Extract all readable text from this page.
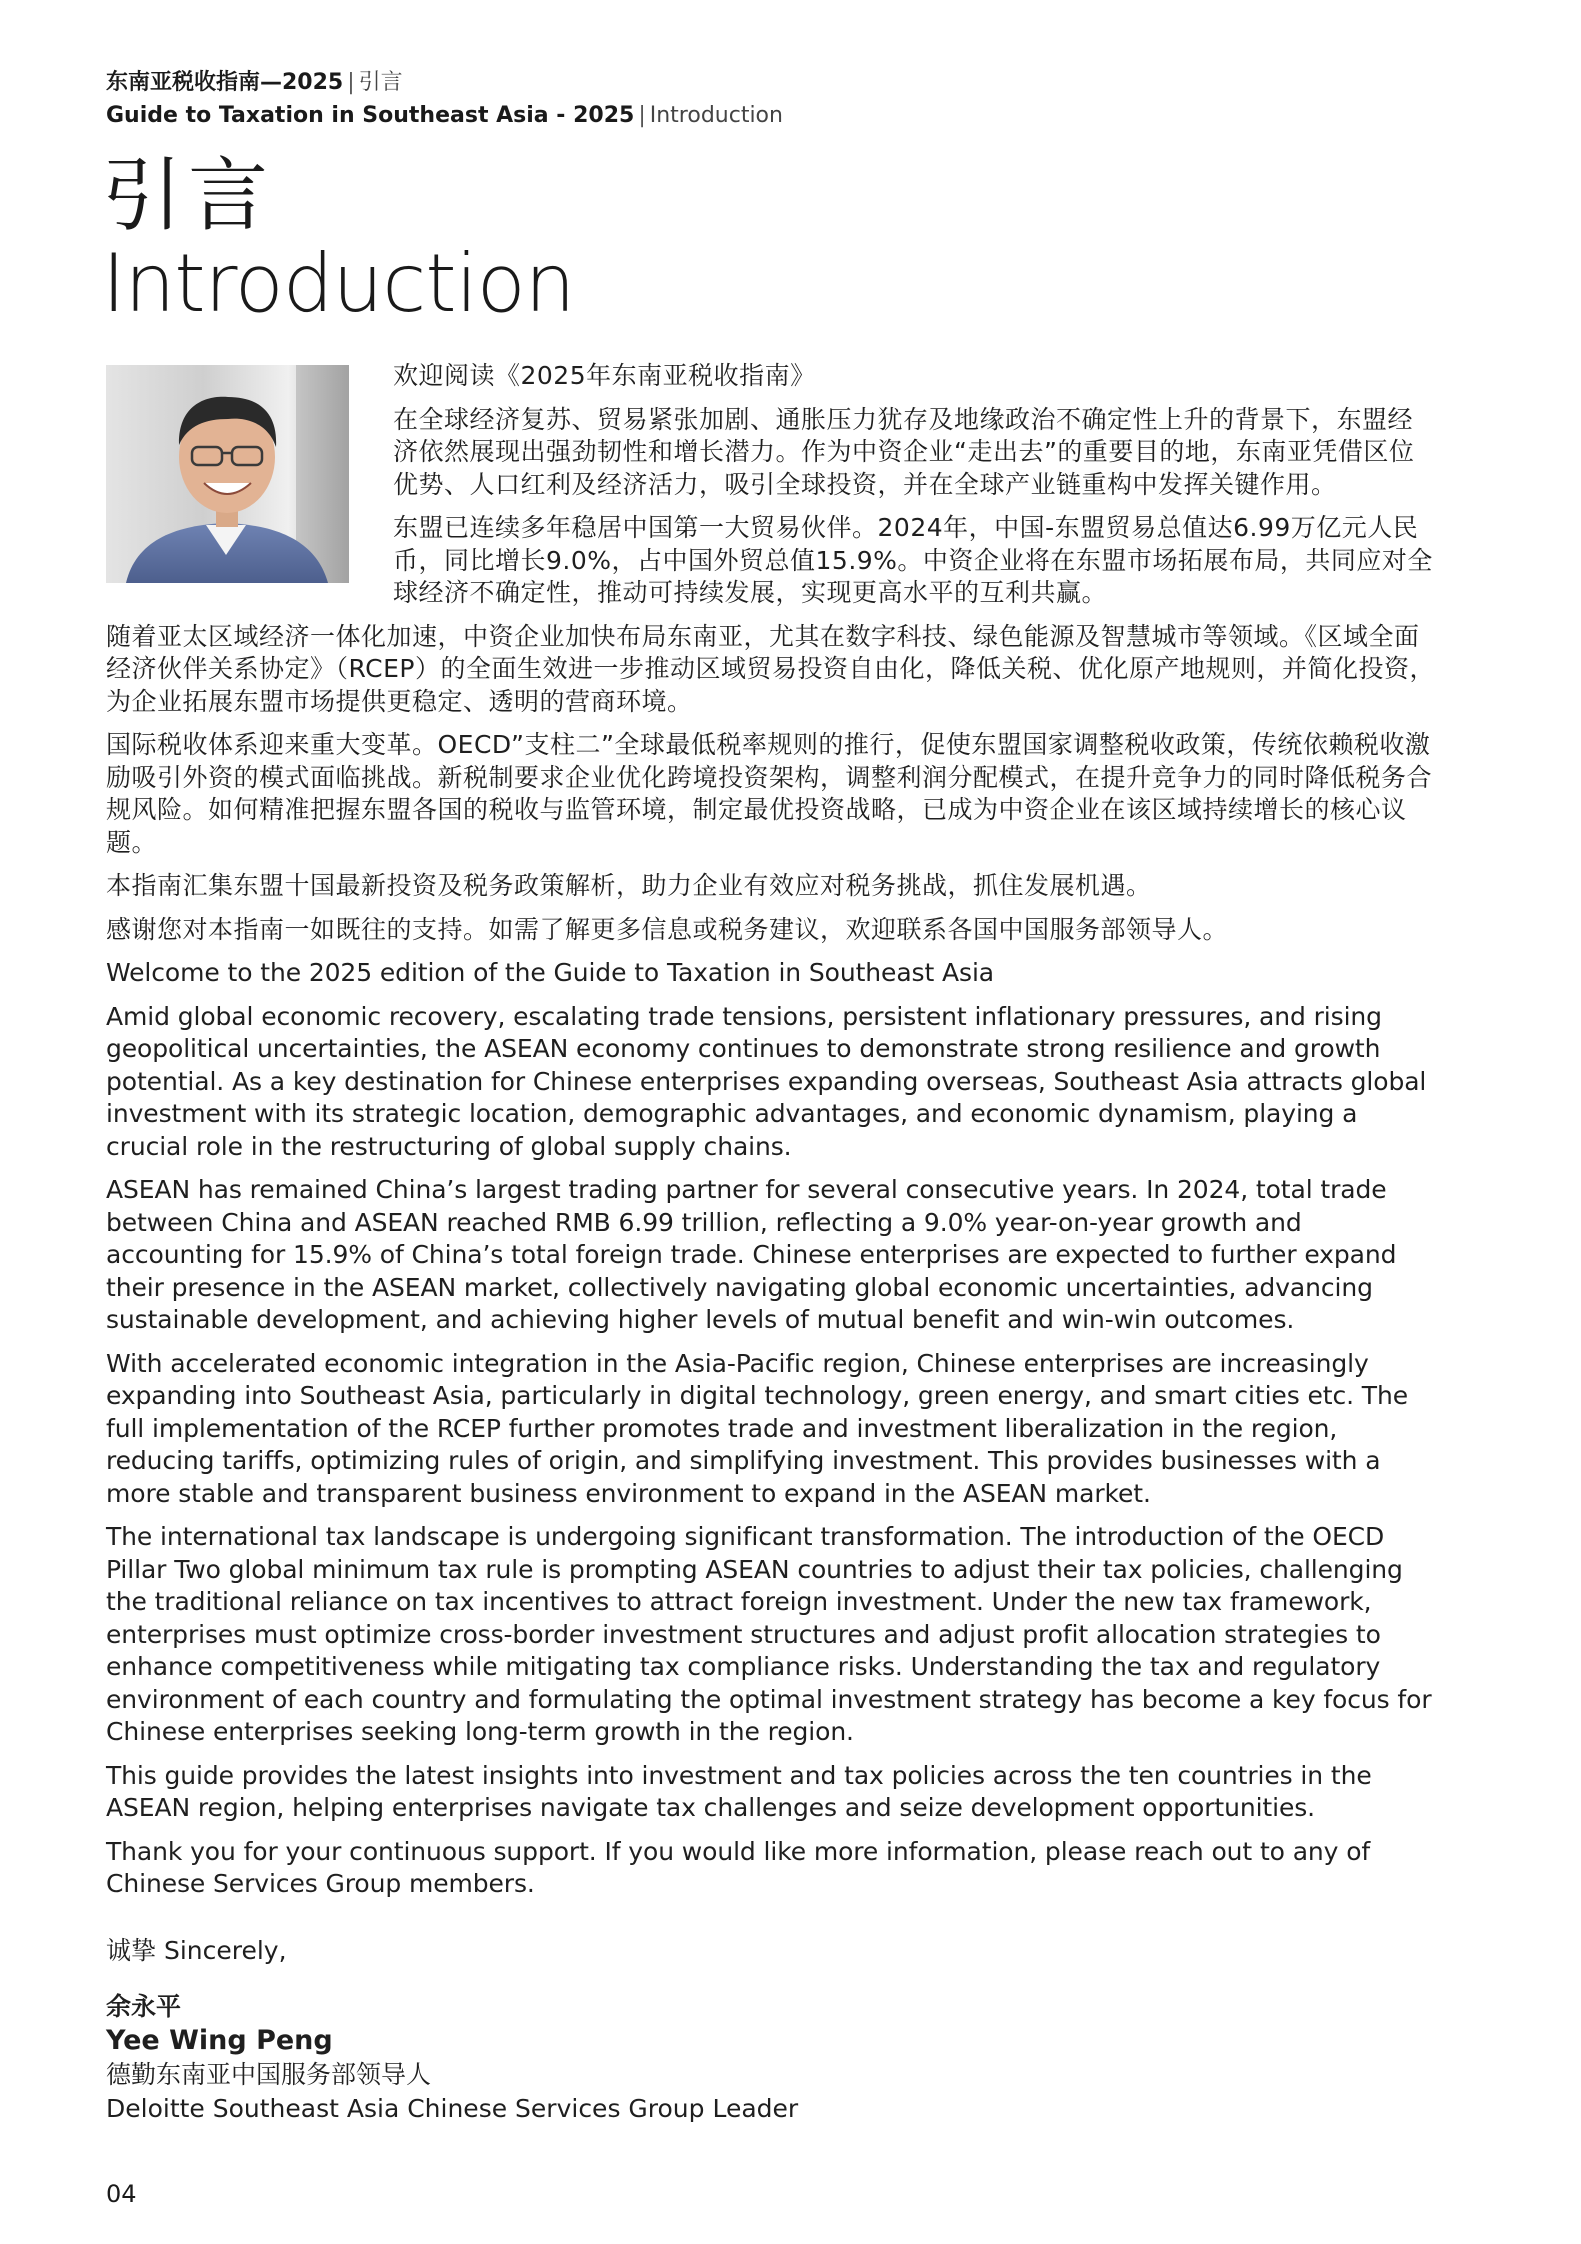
东南亚税收指南—2025 | 引言
Guide to Taxation in Southeast Asia - 2025 | Introduction
引言
Introduction

欢迎阅读《2025年东南亚税收指南》

在全球经济复苏、贸易紧张加剧、通胀压力犹存及地缘政治不确定性上升的背景下，东盟经济依然展现出强劲韧性和增长潜力。作为中资企业“走出去”的重要目的地，东南亚凭借区位优势、人口红利及经济活力，吸引全球投资，并在全球产业链重构中发挥关键作用。

东盟已连续多年稳居中国第一大贸易伙伴。2024年，中国-东盟贸易总值达6.99万亿元人民币，同比增长9.0%，占中国外贸总值15.9%。中资企业将在东盟市场拓展布局，共同应对全球经济不确定性，推动可持续发展，实现更高水平的互利共赢。

随着亚太区域经济一体化加速，中资企业加快布局东南亚，尤其在数字科技、绿色能源及智慧城市等领域。《区域全面经济伙伴关系协定》（RCEP）的全面生效进一步推动区域贸易投资自由化，降低关税、优化原产地规则，并简化投资，为企业拓展东盟市场提供更稳定、透明的营商环境。

国际税收体系迎来重大变革。OECD”支柱二”全球最低税率规则的推行，促使东盟国家调整税收政策，传统依赖税收激励吸引外资的模式面临挑战。新税制要求企业优化跨境投资架构，调整利润分配模式，在提升竞争力的同时降低税务合规风险。如何精准把握东盟各国的税收与监管环境，制定最优投资战略，已成为中资企业在该区域持续增长的核心议题。

本指南汇集东盟十国最新投资及税务政策解析，助力企业有效应对税务挑战，抓住发展机遇。

感谢您对本指南一如既往的支持。如需了解更多信息或税务建议，欢迎联系各国中国服务部领导人。

Welcome to the 2025 edition of the Guide to Taxation in Southeast Asia

Amid global economic recovery, escalating trade tensions, persistent inflationary pressures, and rising geopolitical uncertainties, the ASEAN economy continues to demonstrate strong resilience and growth potential. As a key destination for Chinese enterprises expanding overseas, Southeast Asia attracts global investment with its strategic location, demographic advantages, and economic dynamism, playing a crucial role in the restructuring of global supply chains.

ASEAN has remained China’s largest trading partner for several consecutive years. In 2024, total trade between China and ASEAN reached RMB 6.99 trillion, reflecting a 9.0% year-on-year growth and accounting for 15.9% of China’s total foreign trade. Chinese enterprises are expected to further expand their presence in the ASEAN market, collectively navigating global economic uncertainties, advancing sustainable development, and achieving higher levels of mutual benefit and win-win outcomes.

With accelerated economic integration in the Asia-Pacific region, Chinese enterprises are increasingly expanding into Southeast Asia, particularly in digital technology, green energy, and smart cities etc. The full implementation of the RCEP further promotes trade and investment liberalization in the region, reducing tariffs, optimizing rules of origin, and simplifying investment. This provides businesses with a more stable and transparent business environment to expand in the ASEAN market.

The international tax landscape is undergoing significant transformation. The introduction of the OECD Pillar Two global minimum tax rule is prompting ASEAN countries to adjust their tax policies, challenging the traditional reliance on tax incentives to attract foreign investment. Under the new tax framework, enterprises must optimize cross-border investment structures and adjust profit allocation strategies to enhance competitiveness while mitigating tax compliance risks. Understanding the tax and regulatory environment of each country and formulating the optimal investment strategy has become a key focus for Chinese enterprises seeking long-term growth in the region.

This guide provides the latest insights into investment and tax policies across the ten countries in the ASEAN region, helping enterprises navigate tax challenges and seize development opportunities.

Thank you for your continuous support. If you would like more information, please reach out to any of Chinese Services Group members.

诚挚 Sincerely,
余永平
Yee Wing Peng
德勤东南亚中国服务部领导人
Deloitte Southeast Asia Chinese Services Group Leader
04
